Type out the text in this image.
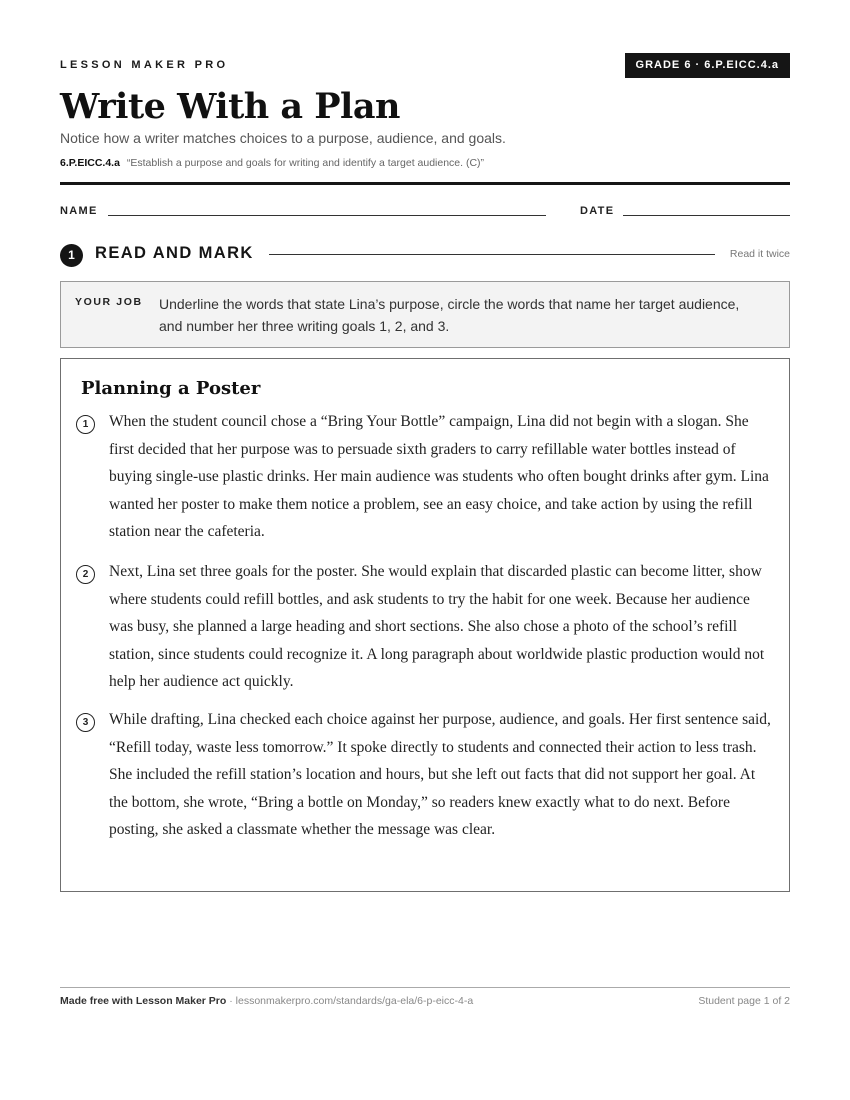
LESSON MAKER PRO	GRADE 6 · 6.P.EICC.4.a
Write With a Plan
Notice how a writer matches choices to a purpose, audience, and goals.
6.P.EICC.4.a “Establish a purpose and goals for writing and identify a target audience. (C)”
NAME	DATE
1	READ AND MARK	Read it twice
YOUR JOB Underline the words that state Lina’s purpose, circle the words that name her target audience, and number her three writing goals 1, 2, and 3.
Planning a Poster
1	When the student council chose a “Bring Your Bottle” campaign, Lina did not begin with a slogan. She first decided that her purpose was to persuade sixth graders to carry refillable water bottles instead of buying single-use plastic drinks. Her main audience was students who often bought drinks after gym. Lina wanted her poster to make them notice a problem, see an easy choice, and take action by using the refill station near the cafeteria.

2	Next, Lina set three goals for the poster. She would explain that discarded plastic can become litter, show where students could refill bottles, and ask students to try the habit for one week. Because her audience was busy, she planned a large heading and short sections. She also chose a photo of the school’s refill station, since students could recognize it. A long paragraph about worldwide plastic production would not help her audience act quickly.

3	While drafting, Lina checked each choice against her purpose, audience, and goals. Her first sentence said, “Refill today, waste less tomorrow.” It spoke directly to students and connected their action to less trash. She included the refill station’s location and hours, but she left out facts that did not support her goal. At the bottom, she wrote, “Bring a bottle on Monday,” so readers knew exactly what to do next. Before posting, she asked a classmate whether the message was clear.

Made free with Lesson Maker Pro · lessonmakerpro.com/standards/ga-ela/6-p-eicc-4-a	Student page 1 of 2
